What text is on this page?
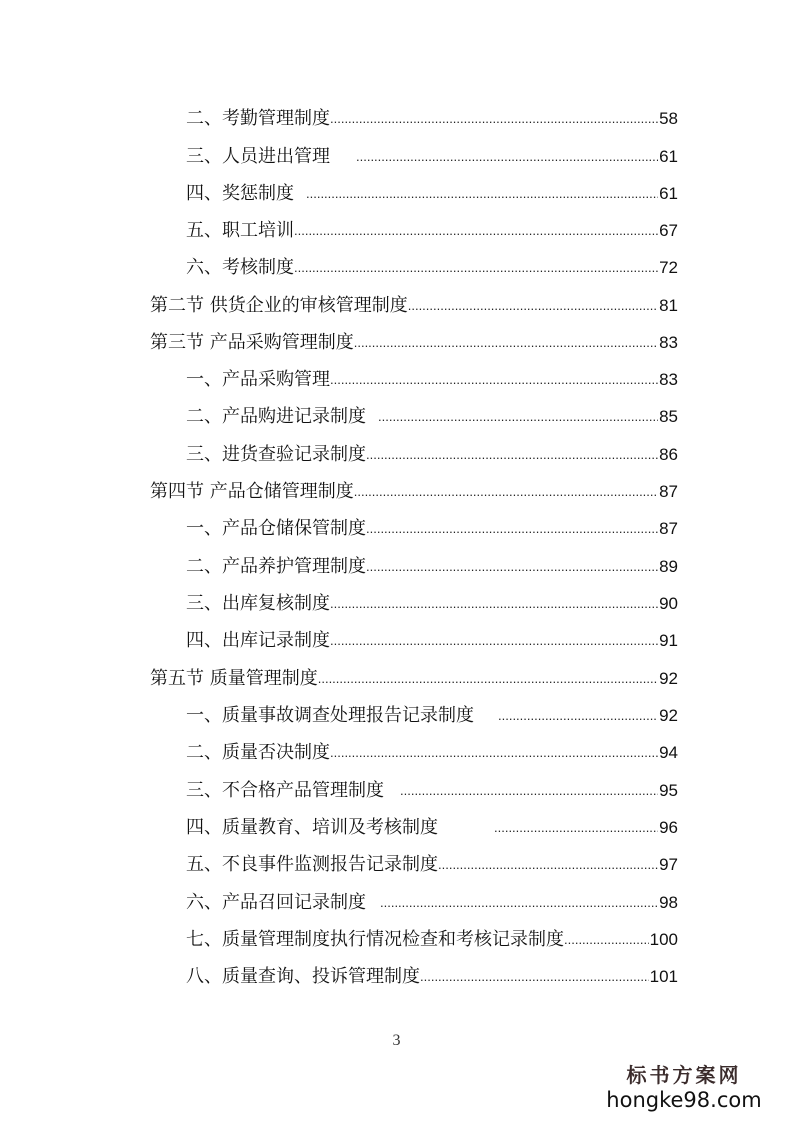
二、考勤管理制度 .....	58
三、人员进出管理 .....	61
四、奖惩制度 .....	61
五、职工培训 .....	67
六、考核制度 .....	72
第二节 供货企业的审核管理制度 .....	81
第三节 产品采购管理制度 .....	83
一、产品采购管理 .....	83
二、产品购进记录制度 .....	85
三、进货查验记录制度 .....	86
第四节 产品仓储管理制度 .....	87
一、产品仓储保管制度 .....	87
二、产品养护管理制度 .....	89
三、出库复核制度 .....	90
四、出库记录制度 .....	91
第五节 质量管理制度 .....	92
一、质量事故调查处理报告记录制度 .....	92
二、质量否决制度 .....	94
三、不合格产品管理制度 .....	95
四、质量教育、培训及考核制度 .....	96
五、不良事件监测报告记录制度 .....	97
六、产品召回记录制度 .....	98
七、质量管理制度执行情况检查和考核记录制度 .....	100
八、质量查询、投诉管理制度 .....	101
3
标书方案网
hongke98.com
